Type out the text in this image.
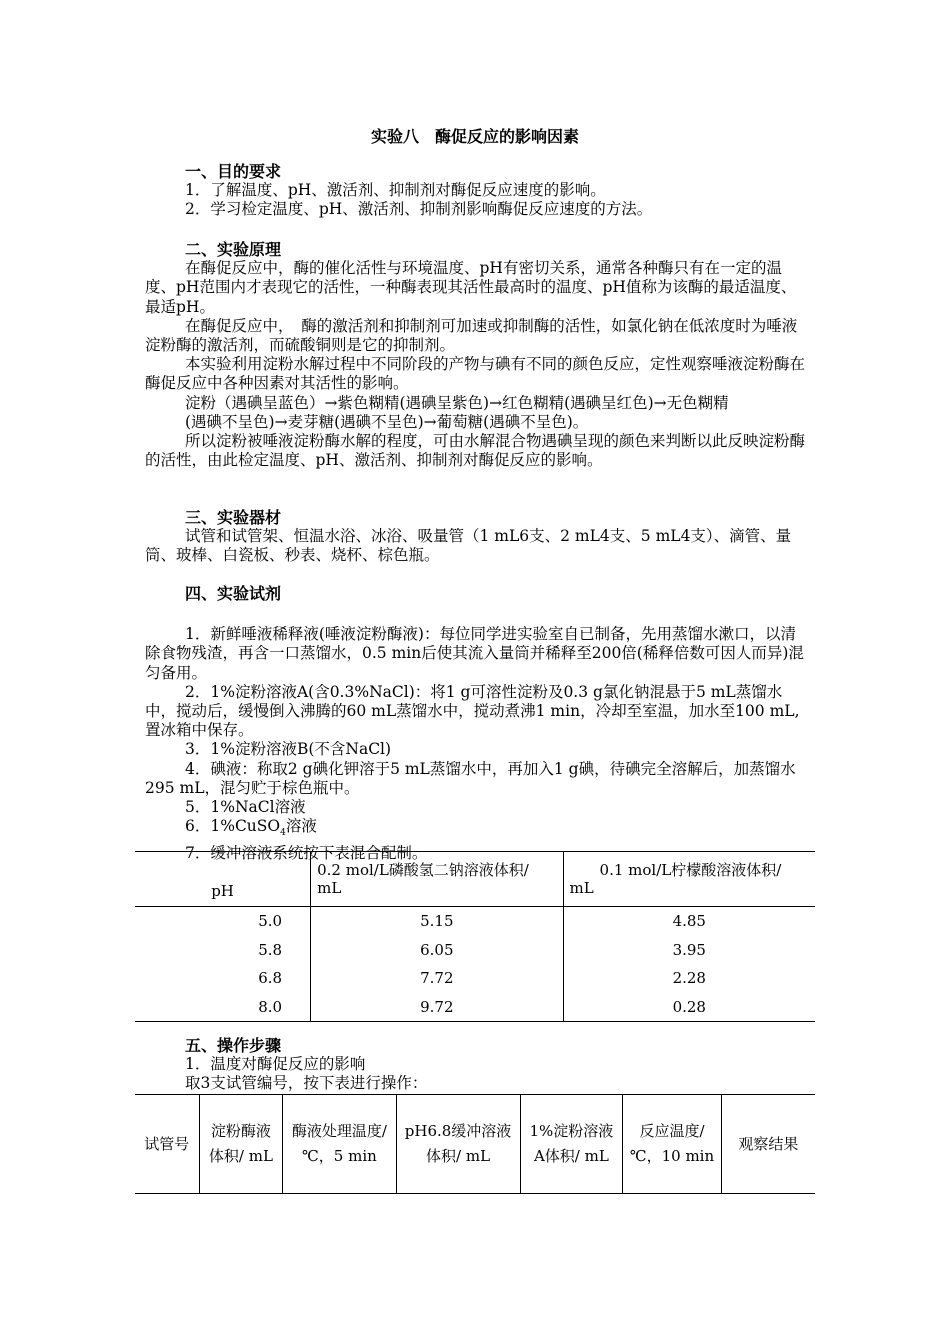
实验八　酶促反应的影响因素
一、目的要求

1．了解温度、pH、激活剂、抑制剂对酶促反应速度的影响。

2．学习检定温度、pH、激活剂、抑制剂影响酶促反应速度的方法。

二、实验原理

在酶促反应中，酶的催化活性与环境温度、pH有密切关系，通常各种酶只有在一定的温度、pH范围内才表现它的活性，一种酶表现其活性最高时的温度、pH值称为该酶的最适温度、最适pH。

在酶促反应中，　酶的激活剂和抑制剂可加速或抑制酶的活性，如氯化钠在低浓度时为唾液淀粉酶的激活剂，而硫酸铜则是它的抑制剂。

本实验利用淀粉水解过程中不同阶段的产物与碘有不同的颜色反应，定性观察唾液淀粉酶在酶促反应中各种因素对其活性的影响。

淀粉（遇碘呈蓝色）→紫色糊精(遇碘呈紫色)→红色糊精(遇碘呈红色)→无色糊精

(遇碘不呈色)→麦芽糖(遇碘不呈色)→葡萄糖(遇碘不呈色)。

所以淀粉被唾液淀粉酶水解的程度，可由水解混合物遇碘呈现的颜色来判断以此反映淀粉酶的活性，由此检定温度、pH、激活剂、抑制剂对酶促反应的影响。

三、实验器材

试管和试管架、恒温水浴、冰浴、吸量管（1 mL6支、2 mL4支、5 mL4支）、滴管、量筒、玻棒、白瓷板、秒表、烧杯、棕色瓶。

四、实验试剂

1．新鲜唾液稀释液(唾液淀粉酶液)：每位同学进实验室自已制备，先用蒸馏水漱口，以清除食物残渣，再含一口蒸馏水，0.5 min后使其流入量筒并稀释至200倍(稀释倍数可因人而异)混匀备用。

2．1%淀粉溶液A(含0.3%NaCl)：将1 g可溶性淀粉及0.3 g氯化钠混悬于5 mL蒸馏水中，搅动后，缓慢倒入沸腾的60 mL蒸馏水中，搅动煮沸1 min，冷却至室温，加水至100 mL,置冰箱中保存。

3．1%淀粉溶液B(不含NaCl)

4．碘液：称取2 g碘化钾溶于5 mL蒸馏水中，再加入1 g碘，待碘完全溶解后，加蒸馏水295 mL，混匀贮于棕色瓶中。

5．1%NaCl溶液

6．1%CuSO$_4$溶液

7．缓冲溶液系统按下表混合配制。

pH	0.2 mol/L磷酸氢二钠溶液体积/ mL	0.1 mol/L柠檬酸溶液体积/ mL
5.0	5.15	4.85
5.8	6.05	3.95
6.8	7.72	2.28
8.0	9.72	0.28
五、操作步骤

1．温度对酶促反应的影响

取3支试管编号，按下表进行操作：

试管号	淀粉酶液体积/ mL	酶液处理温度/℃，5 min	pH6.8缓冲溶液体积/ mL	1%淀粉溶液A体积/ mL	反应温度/℃，10 min	观察结果
